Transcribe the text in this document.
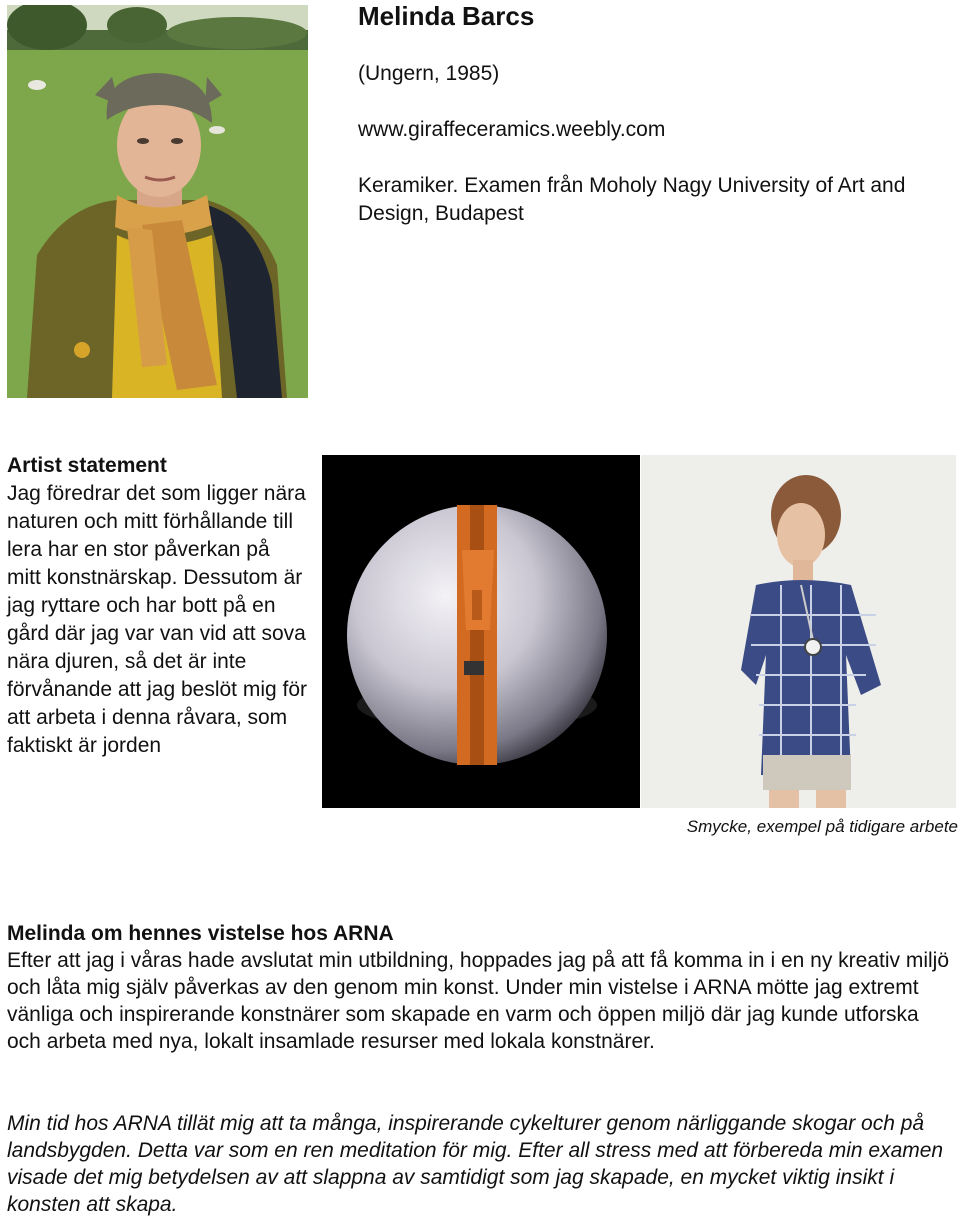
Melinda Barcs
(Ungern, 1985)
www.giraffeceramics.weebly.com
Keramiker. Examen från Moholy Nagy University of Art and Design, Budapest
Artist statement
Jag föredrar det som ligger nära naturen och mitt förhållande till lera har en stor påverkan på mitt konstnärskap. Dessutom är jag ryttare och har bott på en gård där jag var van vid att sova nära djuren, så det är inte förvånande att jag beslöt mig för att arbeta i denna råvara, som faktiskt är jorden
Smycke, exempel på tidigare arbete
Melinda om hennes vistelse hos ARNA
Efter att jag i våras hade avslutat min utbildning, hoppades jag på att få komma in i en ny kreativ miljö och låta mig själv påverkas av den genom min konst. Under min vistelse i ARNA mötte jag extremt vänliga och inspirerande konstnärer som skapade en varm och öppen miljö där jag kunde utforska och arbeta med nya, lokalt insamlade resurser med lokala konstnärer.
Min tid hos ARNA tillät mig att ta många, inspirerande cykelturer genom närliggande skogar och på landsbygden. Detta var som en ren meditation för mig. Efter all stress med att förbereda min examen visade det mig betydelsen av att slappna av samtidigt som jag skapade, en mycket viktig insikt i konsten att skapa.
